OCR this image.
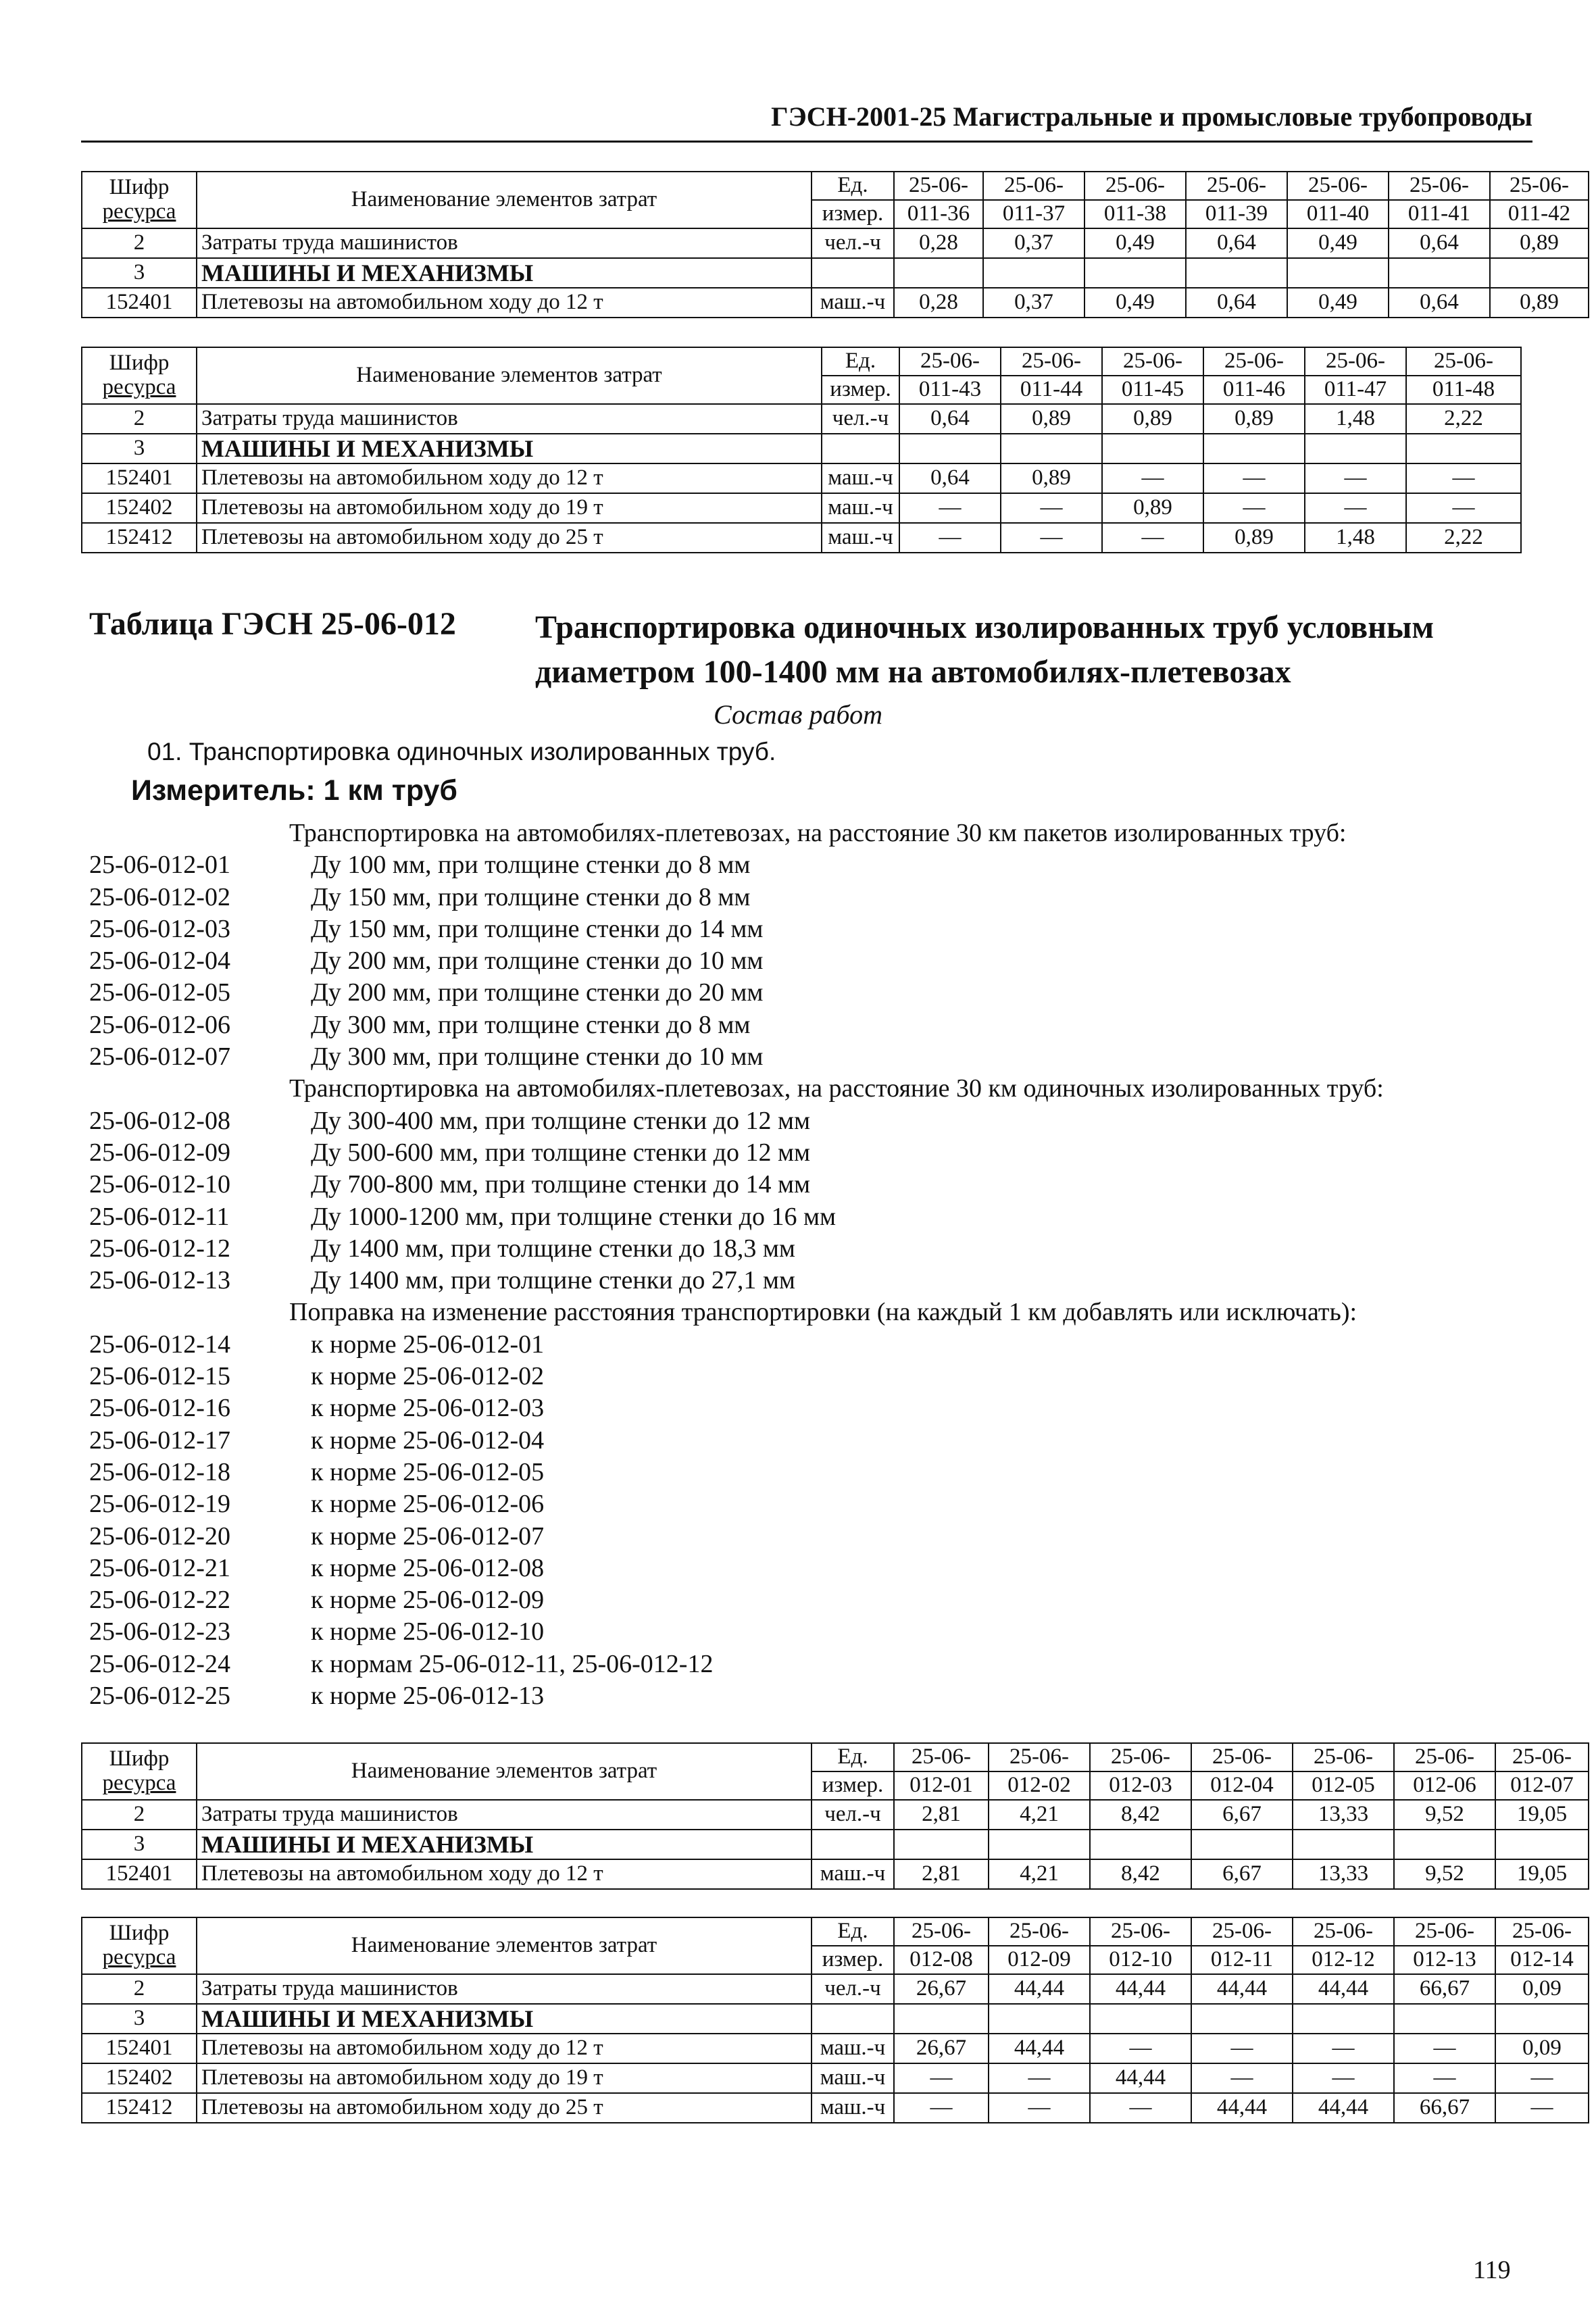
ГЭСН-2001-25 Магистральные и промысловые трубопроводы
Шифр
ресурса	Наименование элементов затрат	Ед.	25-06-	25-06-	25-06-	25-06-	25-06-	25-06-	25-06-
		измер.	011-36	011-37	011-38	011-39	011-40	011-41	011-42
2	Затраты труда машинистов	чел.-ч	0,28	0,37	0,49	0,64	0,49	0,64	0,89
3	МАШИНЫ И МЕХАНИЗМЫ								
152401	Плетевозы на автомобильном ходу до 12 т	маш.-ч	0,28	0,37	0,49	0,64	0,49	0,64	0,89
Шифр
ресурса	Наименование элементов затрат	Ед.	25-06-	25-06-	25-06-	25-06-	25-06-	25-06-
		измер.	011-43	011-44	011-45	011-46	011-47	011-48
2	Затраты труда машинистов	чел.-ч	0,64	0,89	0,89	0,89	1,48	2,22
3	МАШИНЫ И МЕХАНИЗМЫ							
152401	Плетевозы на автомобильном ходу до 12 т	маш.-ч	0,64	0,89	—	—	—	—
152402	Плетевозы на автомобильном ходу до 19 т	маш.-ч	—	—	0,89	—	—	—
152412	Плетевозы на автомобильном ходу до 25 т	маш.-ч	—	—	—	0,89	1,48	2,22
Таблица ГЭСН 25-06-012 Транспортировка одиночных изолированных труб условным диаметром 100-1400 мм на автомобилях-плетевозах
Состав работ
01. Транспортировка одиночных изолированных труб.
Измеритель: 1 км труб
Транспортировка на автомобилях-плетевозах, на расстояние 30 км пакетов изолированных труб:
25-06-012-01	Ду 100 мм, при толщине стенки до 8 мм
25-06-012-02	Ду 150 мм, при толщине стенки до 8 мм
25-06-012-03	Ду 150 мм, при толщине стенки до 14 мм
25-06-012-04	Ду 200 мм, при толщине стенки до 10 мм
25-06-012-05	Ду 200 мм, при толщине стенки до 20 мм
25-06-012-06	Ду 300 мм, при толщине стенки до 8 мм
25-06-012-07	Ду 300 мм, при толщине стенки до 10 мм
Транспортировка на автомобилях-плетевозах, на расстояние 30 км одиночных изолированных труб:
25-06-012-08	Ду 300-400 мм, при толщине стенки до 12 мм
25-06-012-09	Ду 500-600 мм, при толщине стенки до 12 мм
25-06-012-10	Ду 700-800 мм, при толщине стенки до 14 мм
25-06-012-11	Ду 1000-1200 мм, при толщине стенки до 16 мм
25-06-012-12	Ду 1400 мм, при толщине стенки до 18,3 мм
25-06-012-13	Ду 1400 мм, при толщине стенки до 27,1 мм
Поправка на изменение расстояния транспортировки (на каждый 1 км добавлять или исключать):
25-06-012-14	к норме 25-06-012-01
25-06-012-15	к норме 25-06-012-02
25-06-012-16	к норме 25-06-012-03
25-06-012-17	к норме 25-06-012-04
25-06-012-18	к норме 25-06-012-05
25-06-012-19	к норме 25-06-012-06
25-06-012-20	к норме 25-06-012-07
25-06-012-21	к норме 25-06-012-08
25-06-012-22	к норме 25-06-012-09
25-06-012-23	к норме 25-06-012-10
25-06-012-24	к нормам 25-06-012-11, 25-06-012-12
25-06-012-25	к норме 25-06-012-13
Шифр
ресурса	Наименование элементов затрат	Ед.	25-06-	25-06-	25-06-	25-06-	25-06-	25-06-	25-06-
		измер.	012-01	012-02	012-03	012-04	012-05	012-06	012-07
2	Затраты труда машинистов	чел.-ч	2,81	4,21	8,42	6,67	13,33	9,52	19,05
3	МАШИНЫ И МЕХАНИЗМЫ								
152401	Плетевозы на автомобильном ходу до 12 т	маш.-ч	2,81	4,21	8,42	6,67	13,33	9,52	19,05
Шифр
ресурса	Наименование элементов затрат	Ед.	25-06-	25-06-	25-06-	25-06-	25-06-	25-06-	25-06-
		измер.	012-08	012-09	012-10	012-11	012-12	012-13	012-14
2	Затраты труда машинистов	чел.-ч	26,67	44,44	44,44	44,44	44,44	66,67	0,09
3	МАШИНЫ И МЕХАНИЗМЫ								
152401	Плетевозы на автомобильном ходу до 12 т	маш.-ч	26,67	44,44	—	—	—	—	0,09
152402	Плетевозы на автомобильном ходу до 19 т	маш.-ч	—	—	44,44	—	—	—	—
152412	Плетевозы на автомобильном ходу до 25 т	маш.-ч	—	—	—	44,44	44,44	66,67	—
119
